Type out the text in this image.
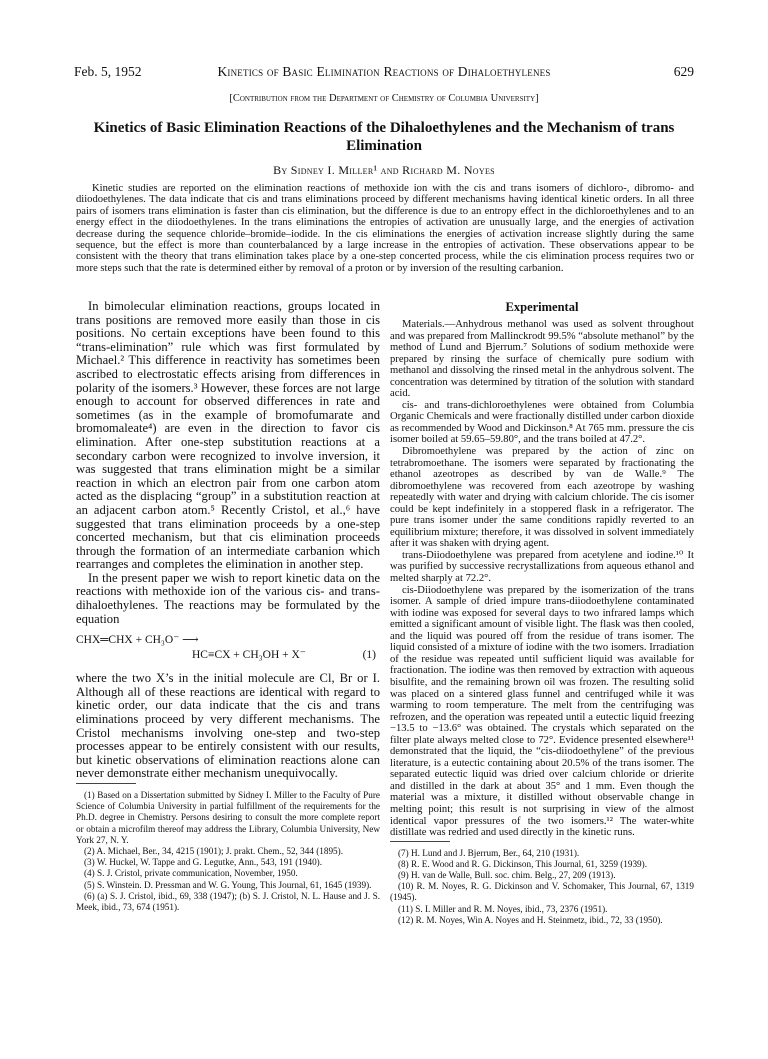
Feb. 5, 1952	Kinetics of Basic Elimination Reactions of Dihaloethylenes	629
[Contribution from the Department of Chemistry of Columbia University]
Kinetics of Basic Elimination Reactions of the Dihaloethylenes and the Mechanism of trans Elimination
By Sidney I. Miller¹ and Richard M. Noyes
Kinetic studies are reported on the elimination reactions of methoxide ion with the cis and trans isomers of dichloro-, dibromo- and diiodoethylenes. The data indicate that cis and trans eliminations proceed by different mechanisms having identical kinetic orders. In all three pairs of isomers trans elimination is faster than cis elimination, but the difference is due to an entropy effect in the dichloroethylenes and to an energy effect in the diiodoethylenes. In the trans eliminations the entropies of activation are unusually large, and the energies of activation decrease during the sequence chloride–bromide–iodide. In the cis eliminations the energies of activation increase slightly during the same sequence, but the effect is more than counterbalanced by a large increase in the entropies of activation. These observations appear to be consistent with the theory that trans elimination takes place by a one-step concerted process, while the cis elimination process requires two or more steps such that the rate is determined either by removal of a proton or by inversion of the resulting carbanion.

In bimolecular elimination reactions, groups located in trans positions are removed more easily than those in cis positions. No certain exceptions have been found to this “trans-elimination” rule which was first formulated by Michael.² This difference in reactivity has sometimes been ascribed to electrostatic effects arising from differences in polarity of the isomers.³ However, these forces are not large enough to account for observed differences in rate and sometimes (as in the example of bromofumarate and bromomaleate⁴) are even in the direction to favor cis elimination. After one-step substitution reactions at a secondary carbon were recognized to involve inversion, it was suggested that trans elimination might be a similar reaction in which an electron pair from one carbon atom acted as the displacing “group” in a substitution reaction at an adjacent carbon atom.⁵ Recently Cristol, et al.,⁶ have suggested that trans elimination proceeds by a one-step concerted mechanism, but that cis elimination proceeds through the formation of an intermediate carbanion which rearranges and completes the elimination in another step.

In the present paper we wish to report kinetic data on the reactions with methoxide ion of the various cis- and trans-dihaloethylenes. The reactions may be formulated by the equation

CHX═CHX + CH₃O⁻ ⟶
HC≡CX + CH₃OH + X⁻	(1)

where the two X’s in the initial molecule are Cl, Br or I. Although all of these reactions are identical with regard to kinetic order, our data indicate that the cis and trans eliminations proceed by very different mechanisms. The Cristol mechanisms involving one-step and two-step processes appear to be entirely consistent with our results, but kinetic observations of elimination reactions alone can never demonstrate either mechanism unequivocally.

(1) Based on a Dissertation submitted by Sidney I. Miller to the Faculty of Pure Science of Columbia University in partial fulfillment of the requirements for the Ph.D. degree in Chemistry. Persons desiring to consult the more complete report or obtain a microfilm thereof may address the Library, Columbia University, New York 27, N. Y.
(2) A. Michael, Ber., 34, 4215 (1901); J. prakt. Chem., 52, 344 (1895).
(3) W. Huckel, W. Tappe and G. Legutke, Ann., 543, 191 (1940).
(4) S. J. Cristol, private communication, November, 1950.
(5) S. Winstein. D. Pressman and W. G. Young, This Journal, 61, 1645 (1939).
(6) (a) S. J. Cristol, ibid., 69, 338 (1947); (b) S. J. Cristol, N. L. Hause and J. S. Meek, ibid., 73, 674 (1951).
Experimental

Materials.—Anhydrous methanol was used as solvent throughout and was prepared from Mallinckrodt 99.5% “absolute methanol” by the method of Lund and Bjerrum.⁷ Solutions of sodium methoxide were prepared by rinsing the surface of chemically pure sodium with methanol and dissolving the rinsed metal in the anhydrous solvent. The concentration was determined by titration of the solution with standard acid.

cis- and trans-dichloroethylenes were obtained from Columbia Organic Chemicals and were fractionally distilled under carbon dioxide as recommended by Wood and Dickinson.⁸ At 765 mm. pressure the cis isomer boiled at 59.65–59.80°, and the trans boiled at 47.2°.

Dibromoethylene was prepared by the action of zinc on tetrabromoethane. The isomers were separated by fractionating the ethanol azeotropes as described by van de Walle.⁹ The dibromoethylene was recovered from each azeotrope by washing repeatedly with water and drying with calcium chloride. The cis isomer could be kept indefinitely in a stoppered flask in a refrigerator. The pure trans isomer under the same conditions rapidly reverted to an equilibrium mixture; therefore, it was dissolved in solvent immediately after it was shaken with drying agent.

trans-Diiodoethylene was prepared from acetylene and iodine.¹⁰ It was purified by successive recrystallizations from aqueous ethanol and melted sharply at 72.2°.

cis-Diiodoethylene was prepared by the isomerization of the trans isomer. A sample of dried impure trans-diiodoethylene contaminated with iodine was exposed for several days to two infrared lamps which emitted a significant amount of visible light. The flask was then cooled, and the liquid was poured off from the residue of trans isomer. The liquid consisted of a mixture of iodine with the two isomers. Irradiation of the residue was repeated until sufficient liquid was available for fractionation. The iodine was then removed by extraction with aqueous bisulfite, and the remaining brown oil was frozen. The resulting solid was placed on a sintered glass funnel and centrifuged while it was warming to room temperature. The melt from the centrifuging was refrozen, and the operation was repeated until a eutectic liquid freezing −13.5 to −13.6° was obtained. The crystals which separated on the filter plate always melted close to 72°. Evidence presented elsewhere¹¹ demonstrated that the liquid, the “cis-diiodoethylene” of the previous literature, is a eutectic containing about 20.5% of the trans isomer. The separated eutectic liquid was dried over calcium chloride or drierite and distilled in the dark at about 35° and 1 mm. Even though the material was a mixture, it distilled without observable change in melting point; this result is not surprising in view of the almost identical vapor pressures of the two isomers.¹² The water-white distillate was redried and used directly in the kinetic runs.

(7) H. Lund and J. Bjerrum, Ber., 64, 210 (1931).
(8) R. E. Wood and R. G. Dickinson, This Journal, 61, 3259 (1939).
(9) H. van de Walle, Bull. soc. chim. Belg., 27, 209 (1913).
(10) R. M. Noyes, R. G. Dickinson and V. Schomaker, This Journal, 67, 1319 (1945).
(11) S. I. Miller and R. M. Noyes, ibid., 73, 2376 (1951).
(12) R. M. Noyes, Win A. Noyes and H. Steinmetz, ibid., 72, 33 (1950).
